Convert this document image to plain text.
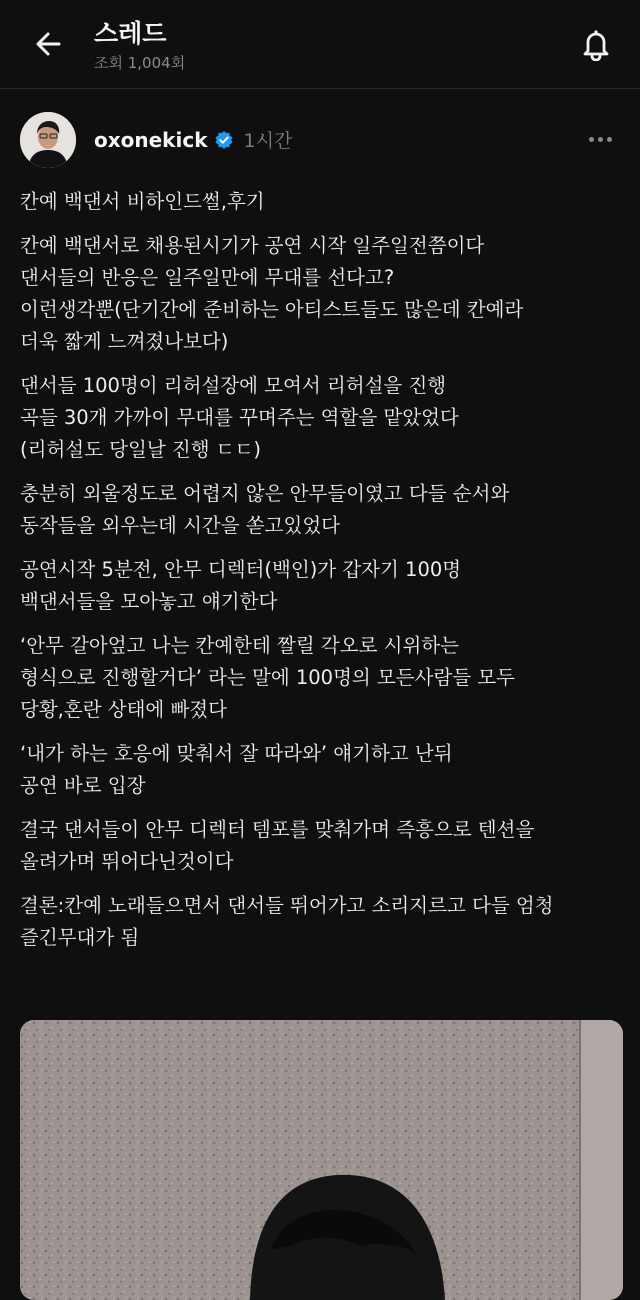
스레드
조회 1,004회
oxonekick 1시간

칸예 백댄서 비하인드썰,후기

칸예 백댄서로 채용된시기가 공연 시작 일주일전쯤이다
댄서들의 반응은 일주일만에 무대를 선다고?
이런생각뿐(단기간에 준비하는 아티스트들도 많은데 칸예라
더욱 짧게 느껴졌나보다)

댄서들 100명이 리허설장에 모여서 리허설을 진행
곡들 30개 가까이 무대를 꾸며주는 역할을 맡았었다
(리허설도 당일날 진행 ㄷㄷ)

충분히 외울정도로 어렵지 않은 안무들이였고 다들 순서와
동작들을 외우는데 시간을 쏟고있었다

공연시작 5분전, 안무 디렉터(백인)가 갑자기 100명
백댄서들을 모아놓고 얘기한다

‘안무 갈아엎고 나는 칸예한테 짤릴 각오로 시위하는
형식으로 진행할거다’ 라는 말에 100명의 모든사람들 모두
당황,혼란 상태에 빠졌다

‘내가 하는 호응에 맞춰서 잘 따라와’ 얘기하고 난뒤
공연 바로 입장

결국 댄서들이 안무 디렉터 템포를 맞춰가며 즉흥으로 텐션을
올려가며 뛰어다닌것이다

결론:칸예 노래들으면서 댄서들 뛰어가고 소리지르고 다들 엄청
즐긴무대가 됨
